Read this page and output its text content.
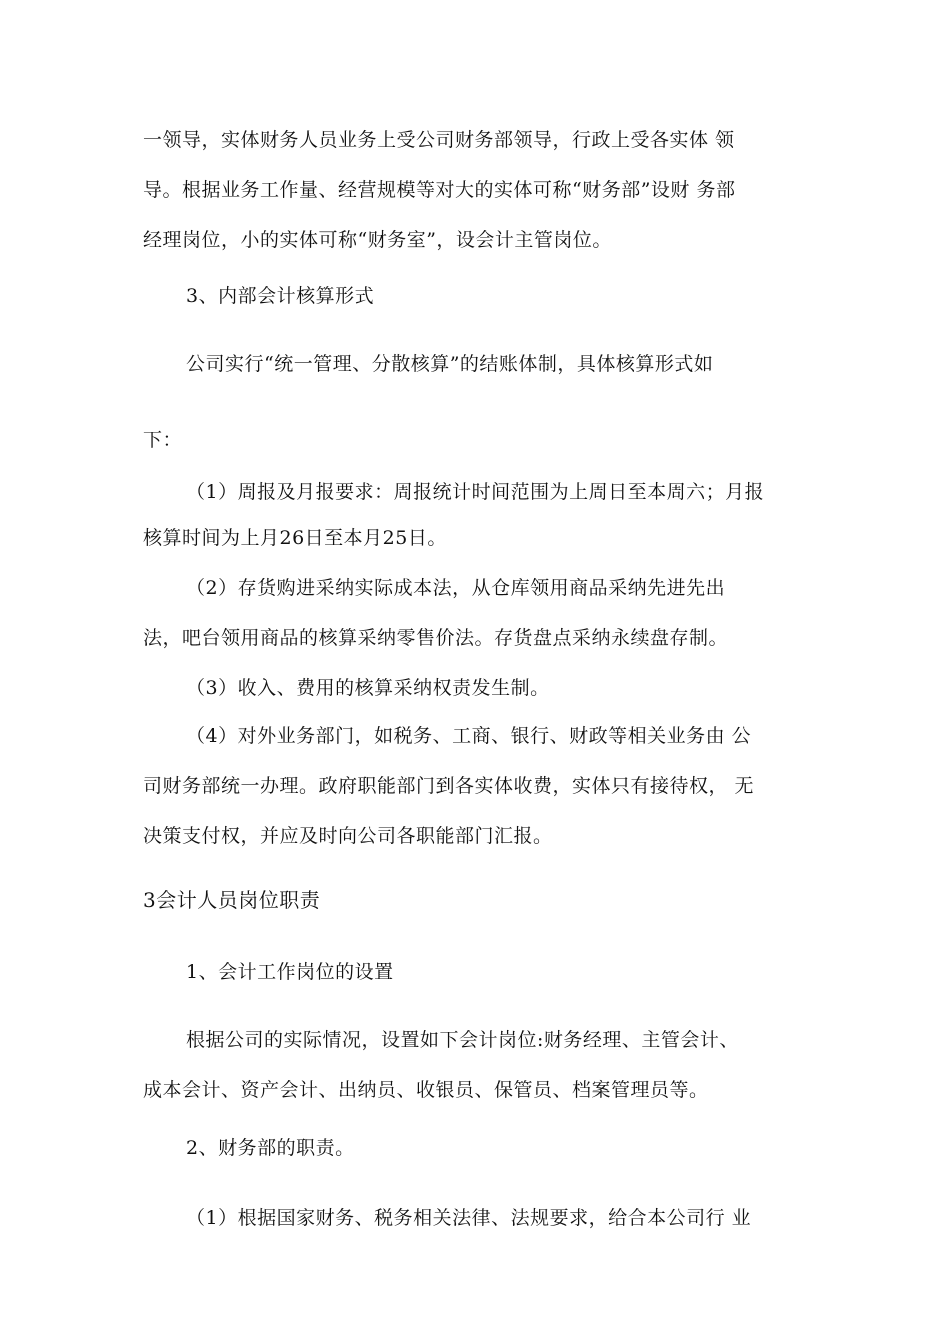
一领导，实体财务人员业务上受公司财务部领导，行政上受各实体 领
导。根据业务工作量、经营规模等对大的实体可称“财务部”设财 务部
经理岗位，小的实体可称“财务室”，设会计主管岗位。
3、内部会计核算形式
公司实行“统一管理、分散核算”的结账体制，具体核算形式如
下：
（1）周报及月报要求：周报统计时间范围为上周日至本周六；月报
核算时间为上月26日至本月25日。
（2）存货购进采纳实际成本法，从仓库领用商品采纳先进先出
法，吧台领用商品的核算采纳零售价法。存货盘点采纳永续盘存制。
（3）收入、费用的核算采纳权责发生制。
（4）对外业务部门，如税务、工商、银行、财政等相关业务由 公
司财务部统一办理。政府职能部门到各实体收费，实体只有接待权， 无
决策支付权，并应及时向公司各职能部门汇报。
3会计人员岗位职责
1、会计工作岗位的设置
根据公司的实际情况，设置如下会计岗位:财务经理、主管会计、
成本会计、资产会计、出纳员、收银员、保管员、档案管理员等。
2、财务部的职责。
（1）根据国家财务、税务相关法律、法规要求，给合本公司行 业
